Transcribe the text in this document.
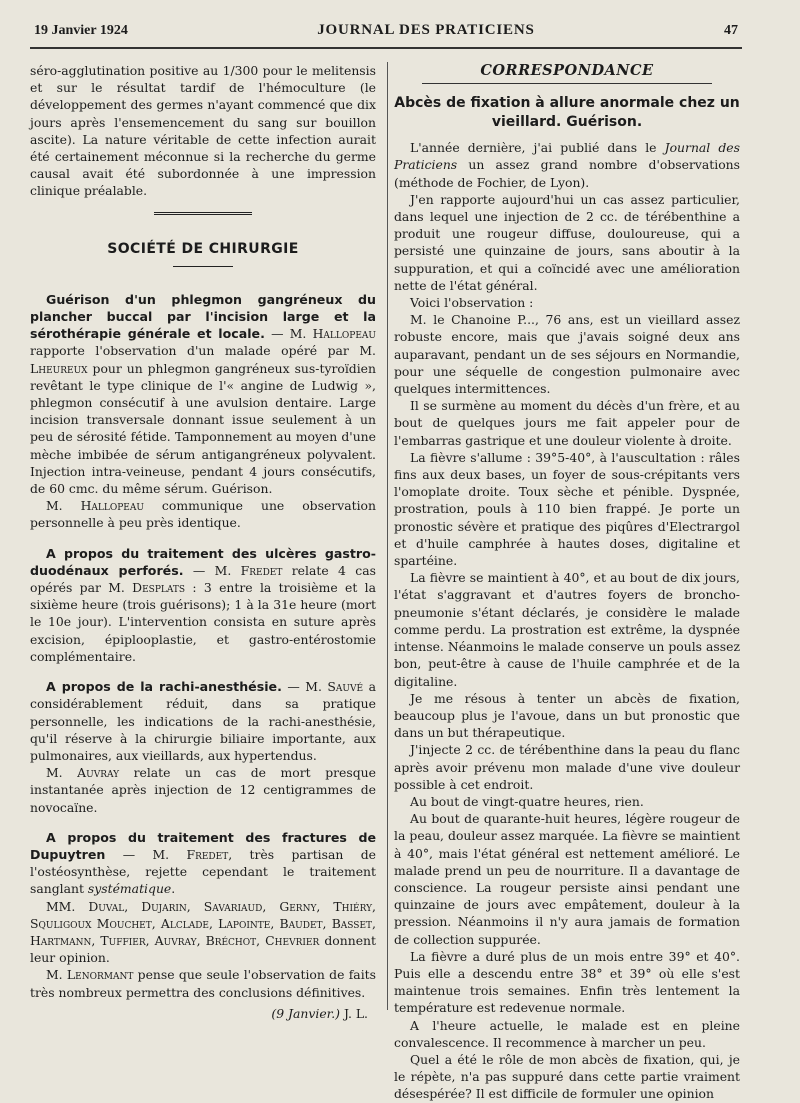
19 Janvier 1924	JOURNAL DES PRATICIENS	47

séro-agglutination positive au 1/300 pour le melitensis et sur le résultat tardif de l'hémoculture (le développement des germes n'ayant commencé que dix jours après l'ensemencement du sang sur bouillon ascite). La nature véritable de cette infection aurait été certainement méconnue si la recherche du germe causal avait été subordonnée à une impression clinique préalable.

SOCIÉTÉ DE CHIRURGIE

Guérison d'un phlegmon gangréneux du plancher buccal par l'incision large et la sérothérapie générale et locale. — M. Hallopeau rapporte l'observation d'un malade opéré par M. Lheureux pour un phlegmon gangréneux sus-tyroïdien revêtant le type clinique de l'« angine de Ludwig », phlegmon consécutif à une avulsion dentaire. Large incision transversale donnant issue seulement à un peu de sérosité fétide. Tamponnement au moyen d'une mèche imbibée de sérum antigangréneux polyvalent. Injection intra-veineuse, pendant 4 jours consécutifs, de 60 cmc. du même sérum. Guérison.

M. Hallopeau communique une observation personnelle à peu près identique.

A propos du traitement des ulcères gastro-duodénaux perforés. — M. Fredet relate 4 cas opérés par M. Desplats : 3 entre la troisième et la sixième heure (trois guérisons); 1 à la 31e heure (mort le 10e jour). L'intervention consista en suture après excision, épiplooplastie, et gastro-entérostomie complémentaire.

A propos de la rachi-anesthésie. — M. Sauvé a considérablement réduit, dans sa pratique personnelle, les indications de la rachi-anesthésie, qu'il réserve à la chirurgie biliaire importante, aux pulmonaires, aux vieillards, aux hypertendus.

M. Auvray relate un cas de mort presque instantanée après injection de 12 centigrammes de novocaïne.

A propos du traitement des fractures de Dupuytren — M. Fredet, très partisan de l'ostéosynthèse, rejette cependant le traitement sanglant systématique.

MM. Duval, Dujarin, Savariaud, Gerny, Thiéry, Squligoux Mouchet, Alclade, Lapointe, Baudet, Basset, Hartmann, Tuffier, Auvray, Bréchot, Chevrier donnent leur opinion.

M. Lenormant pense que seule l'observation de faits très nombreux permettra des conclusions définitives.

(9 Janvier.) J. L.
CORRESPONDANCE
Abcès de fixation à allure anormale chez un vieillard. Guérison.

L'année dernière, j'ai publié dans le Journal des Praticiens un assez grand nombre d'observations (méthode de Fochier, de Lyon).

J'en rapporte aujourd'hui un cas assez particulier, dans lequel une injection de 2 cc. de térébenthine a produit une rougeur diffuse, douloureuse, qui a persisté une quinzaine de jours, sans aboutir à la suppuration, et qui a coïncidé avec une amélioration nette de l'état général.

Voici l'observation :

M. le Chanoine P..., 76 ans, est un vieillard assez robuste encore, mais que j'avais soigné deux ans auparavant, pendant un de ses séjours en Normandie, pour une séquelle de congestion pulmonaire avec quelques intermittences.

Il se surmène au moment du décès d'un frère, et au bout de quelques jours me fait appeler pour de l'embarras gastrique et une douleur violente à droite.

La fièvre s'allume : 39°5-40°, à l'auscultation : râles fins aux deux bases, un foyer de sous-crépitants vers l'omoplate droite. Toux sèche et pénible. Dyspnée, prostration, pouls à 110 bien frappé. Je porte un pronostic sévère et pratique des piqûres d'Electrargol et d'huile camphrée à hautes doses, digitaline et spartéine.

La fièvre se maintient à 40°, et au bout de dix jours, l'état s'aggravant et d'autres foyers de broncho-pneumonie s'étant déclarés, je considère le malade comme perdu. La prostration est extrême, la dyspnée intense. Néanmoins le malade conserve un pouls assez bon, peut-être à cause de l'huile camphrée et de la digitaline.

Je me résous à tenter un abcès de fixation, beaucoup plus je l'avoue, dans un but pronostic que dans un but thérapeutique.

J'injecte 2 cc. de térébenthine dans la peau du flanc après avoir prévenu mon malade d'une vive douleur possible à cet endroit.

Au bout de vingt-quatre heures, rien.

Au bout de quarante-huit heures, légère rougeur de la peau, douleur assez marquée. La fièvre se maintient à 40°, mais l'état général est nettement amélioré. Le malade prend un peu de nourriture. Il a davantage de conscience. La rougeur persiste ainsi pendant une quinzaine de jours avec empâtement, douleur à la pression. Néanmoins il n'y aura jamais de formation de collection suppurée.

La fièvre a duré plus de un mois entre 39° et 40°. Puis elle a descendu entre 38° et 39° où elle s'est maintenue trois semaines. Enfin très lentement la température est redevenue normale.

A l'heure actuelle, le malade est en pleine convalescence. Il recommence à marcher un peu.

Quel a été le rôle de mon abcès de fixation, qui, je le répète, n'a pas suppuré dans cette partie vraiment désespérée? Il est difficile de formuler une opinion
